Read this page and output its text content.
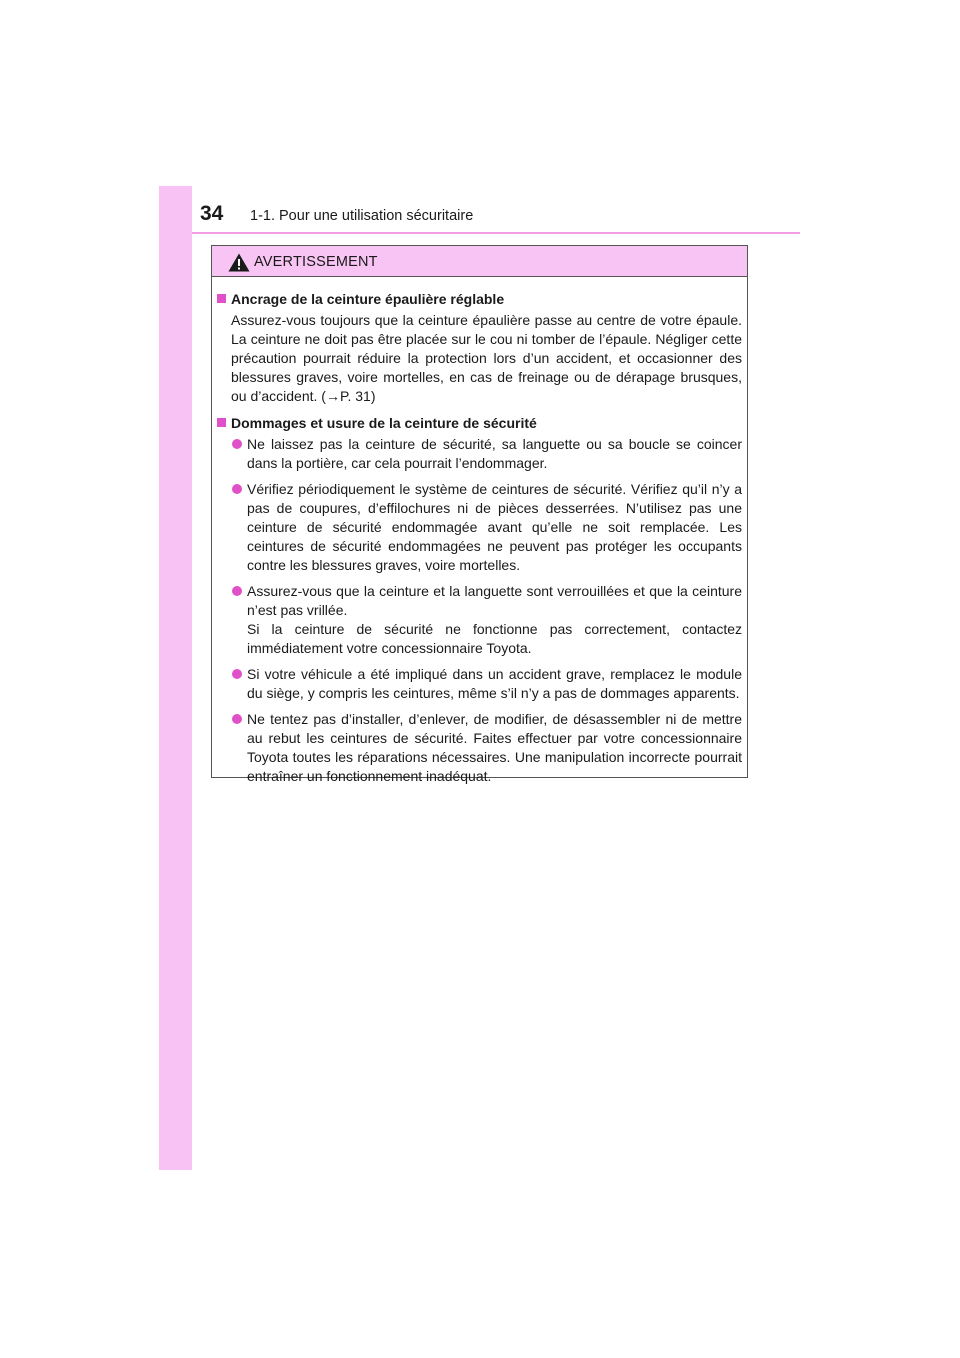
34 1-1. Pour une utilisation sécuritaire
AVERTISSEMENT
Ancrage de la ceinture épaulière réglable

Assurez-vous toujours que la ceinture épaulière passe au centre de votre épaule. La ceinture ne doit pas être placée sur le cou ni tomber de l’épaule. Négliger cette précaution pourrait réduire la protection lors d’un accident, et occasionner des blessures graves, voire mortelles, en cas de freinage ou de dérapage brusques, ou d’accident. (→P. 31)

Dommages et usure de la ceinture de sécurité
Ne laissez pas la ceinture de sécurité, sa languette ou sa boucle se coincer dans la portière, car cela pourrait l’endommager.
Vérifiez périodiquement le système de ceintures de sécurité. Vérifiez qu’il n’y a pas de coupures, d’effilochures ni de pièces desserrées. N’utilisez pas une ceinture de sécurité endommagée avant qu’elle ne soit remplacée. Les ceintures de sécurité endommagées ne peuvent pas protéger les occupants contre les blessures graves, voire mortelles.
Assurez-vous que la ceinture et la languette sont verrouillées et que la ceinture n’est pas vrillée.
Si la ceinture de sécurité ne fonctionne pas correctement, contactez immédiatement votre concessionnaire Toyota.
Si votre véhicule a été impliqué dans un accident grave, remplacez le module du siège, y compris les ceintures, même s’il n’y a pas de dommages apparents.
Ne tentez pas d’installer, d’enlever, de modifier, de désassembler ni de mettre au rebut les ceintures de sécurité. Faites effectuer par votre concessionnaire Toyota toutes les réparations nécessaires. Une manipulation incorrecte pourrait entraîner un fonctionnement inadéquat.
